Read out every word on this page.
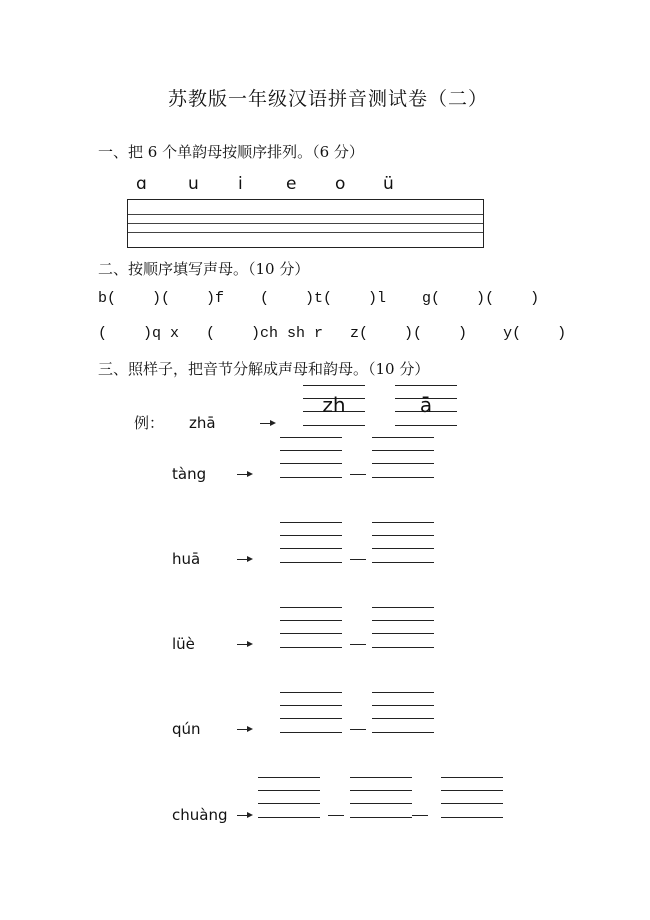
苏教版一年级汉语拼音测试卷（二）
一、把 6 个单韵母按顺序排列。（6 分）
ɑ u i	e o ü
二、按顺序填写声母。（10 分）
b(    )(    )f    (    )t(    )l    g(    )(    )
(    )q x   (    )ch sh r   z(    )(    )    y(    )
三、照样子，把音节分解成声母和韵母。（10 分）
例： zhā
zh	ā
tàng
huā
lüè
qún
chuàng
